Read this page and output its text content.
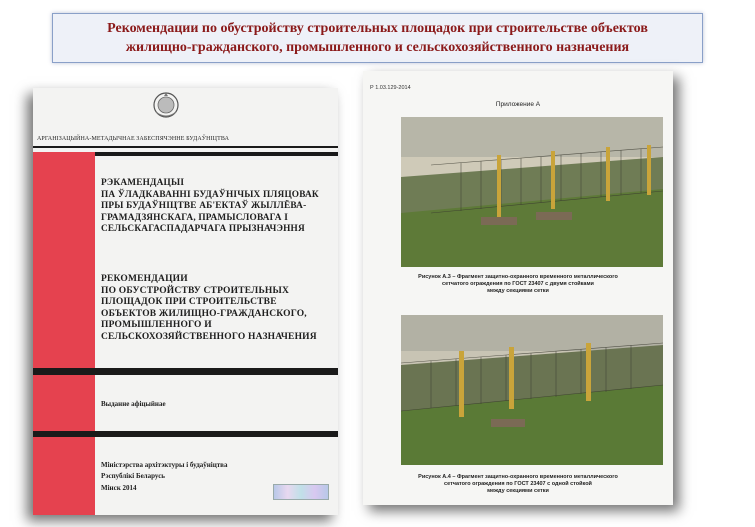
Рекомендации по обустройству строительных площадок при строительстве объектов
жилищно-гражданского, промышленного и сельскохозяйственного назначения
АРГАНІЗАЦЫЙНА-МЕТАДЫЧНАЕ ЗАБЕСПЯЧЭННЕ БУДАЎНІЦТВА
РЭКАМЕНДАЦЫІ
ПА ЎЛАДКАВАННІ БУДАЎНІЧЫХ ПЛЯЦОВАК
ПРЫ БУДАЎНІЦТВЕ АБ'ЕКТАЎ ЖЫЛЛЁВА-
ГРАМАДЗЯНСКАГА, ПРАМЫСЛОВАГА І
СЕЛЬСКАГАСПАДАРЧАГА ПРЫЗНАЧЭННЯ
РЕКОМЕНДАЦИИ
ПО ОБУСТРОЙСТВУ СТРОИТЕЛЬНЫХ
ПЛОЩАДОК ПРИ СТРОИТЕЛЬСТВЕ
ОБЪЕКТОВ ЖИЛИЩНО-ГРАЖДАНСКОГО,
ПРОМЫШЛЕННОГО И
СЕЛЬСКОХОЗЯЙСТВЕННОГО НАЗНАЧЕНИЯ
Выданне афіцыйнае
Міністэрства архітэктуры і будаўніцтва
Рэспублікі Беларусь
Мінск 2014
Р 1.03.129-2014
Приложение А
Рисунок А.3 – Фрагмент защитно-охранного временного металлического
сетчатого ограждения по ГОСТ 23407 с двумя стойками
между секциями сетки
Рисунок А.4 – Фрагмент защитно-охранного временного металлического
сетчатого ограждения по ГОСТ 23407 с одной стойкой
между секциями сетки
